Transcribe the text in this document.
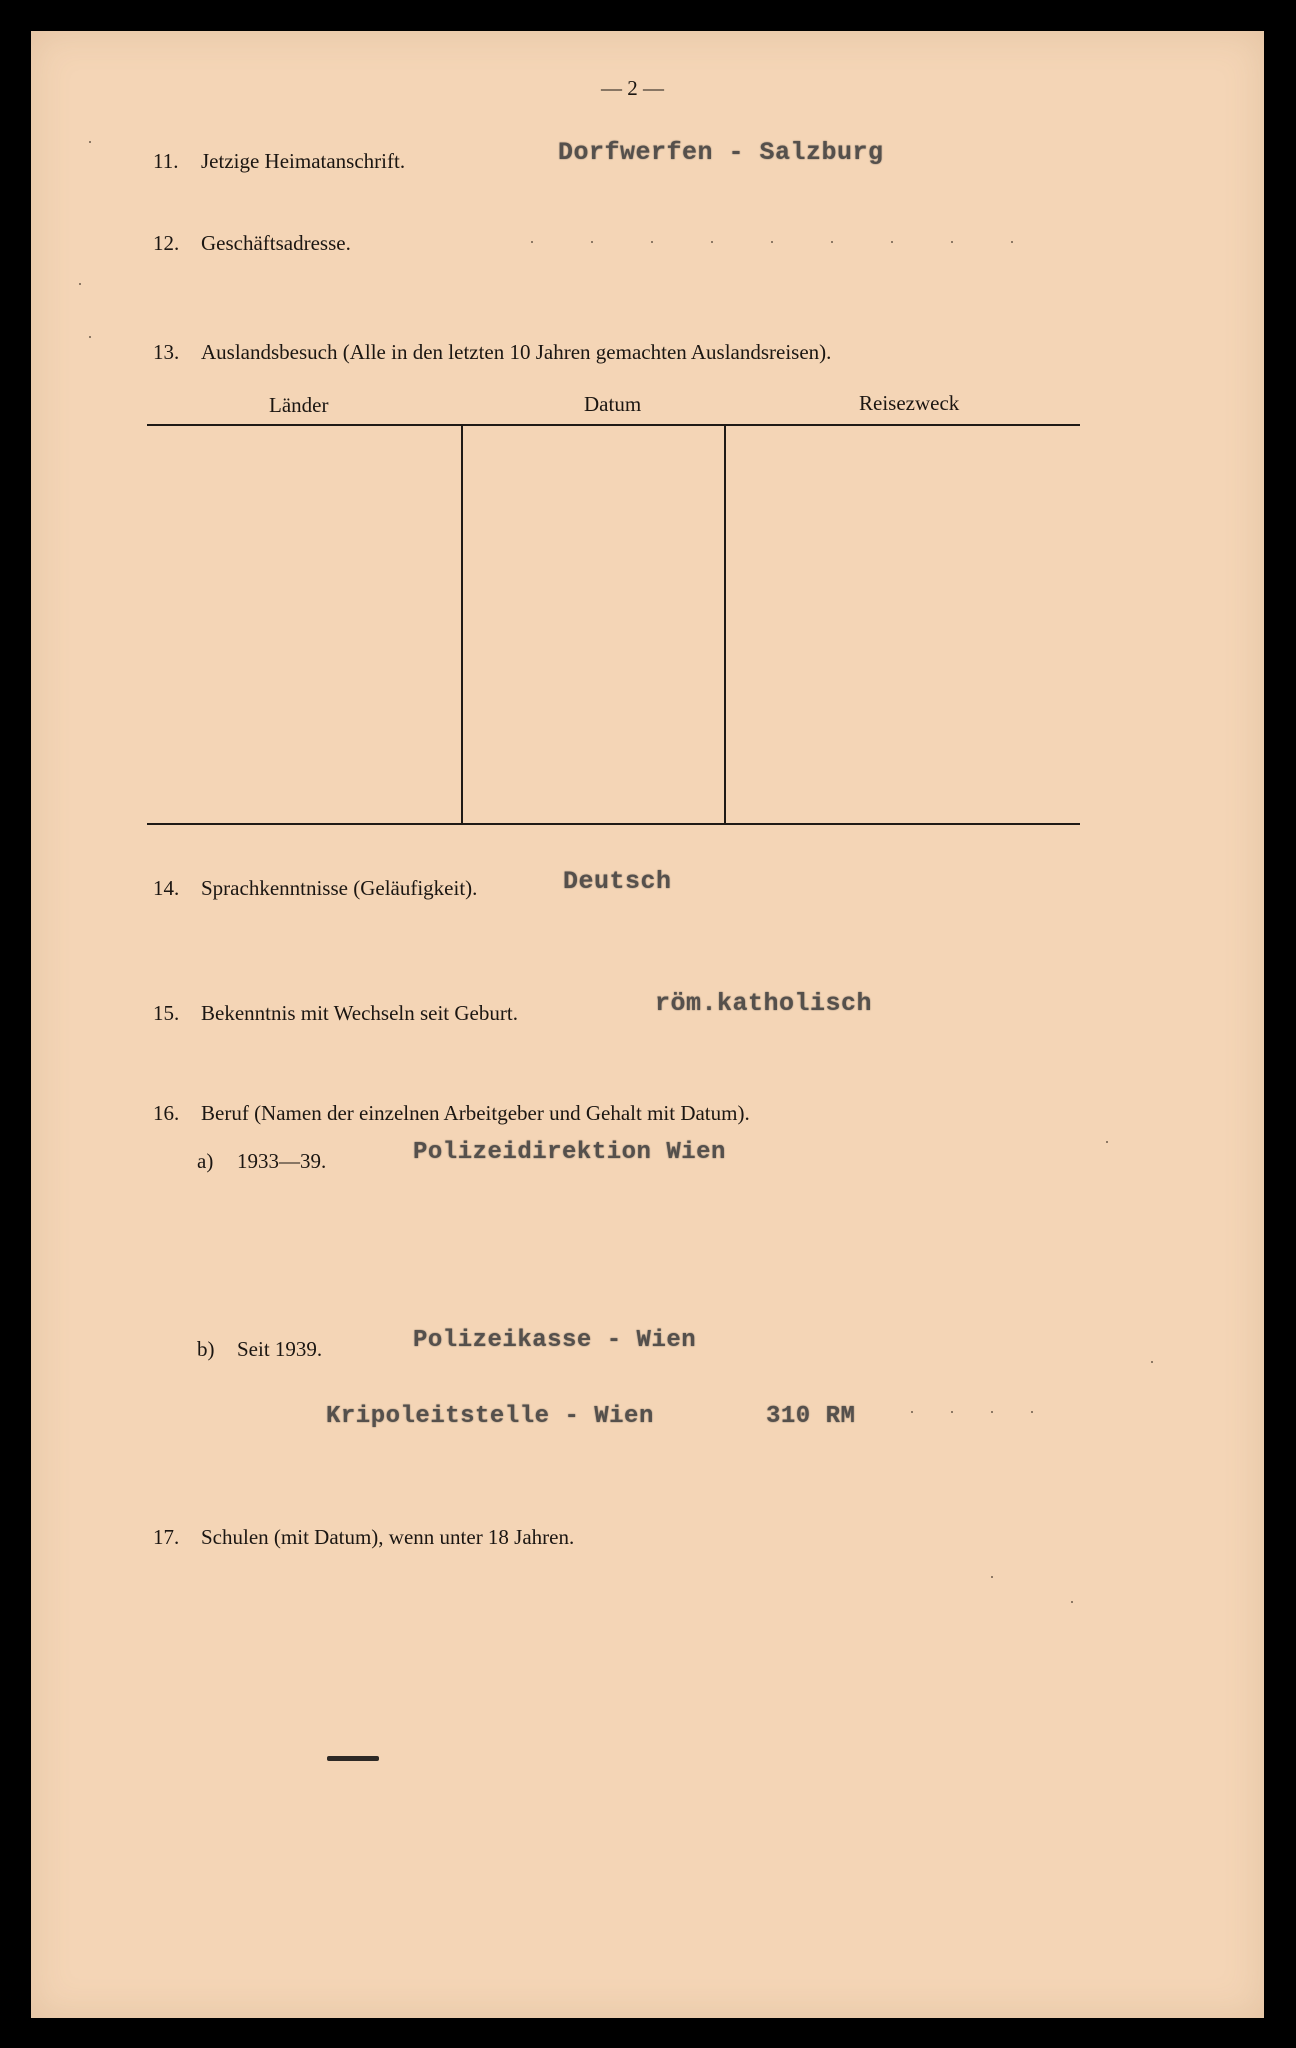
— 2 —
11. Jetzige Heimatanschrift.	Dorfwerfen - Salzburg
12. Geschäftsadresse.
13. Auslandsbesuch (Alle in den letzten 10 Jahren gemachten Auslandsreisen).
Länder	Datum	Reisezweck
14. Sprachkenntnisse (Geläufigkeit).	Deutsch
15. Bekenntnis mit Wechseln seit Geburt.	röm.katholisch
16. Beruf (Namen der einzelnen Arbeitgeber und Gehalt mit Datum).
a) 1933—39.	Polizeidirektion Wien
b) Seit 1939.	Polizeikasse - Wien
Kripoleitstelle - Wien	310 RM
17. Schulen (mit Datum), wenn unter 18 Jahren.
